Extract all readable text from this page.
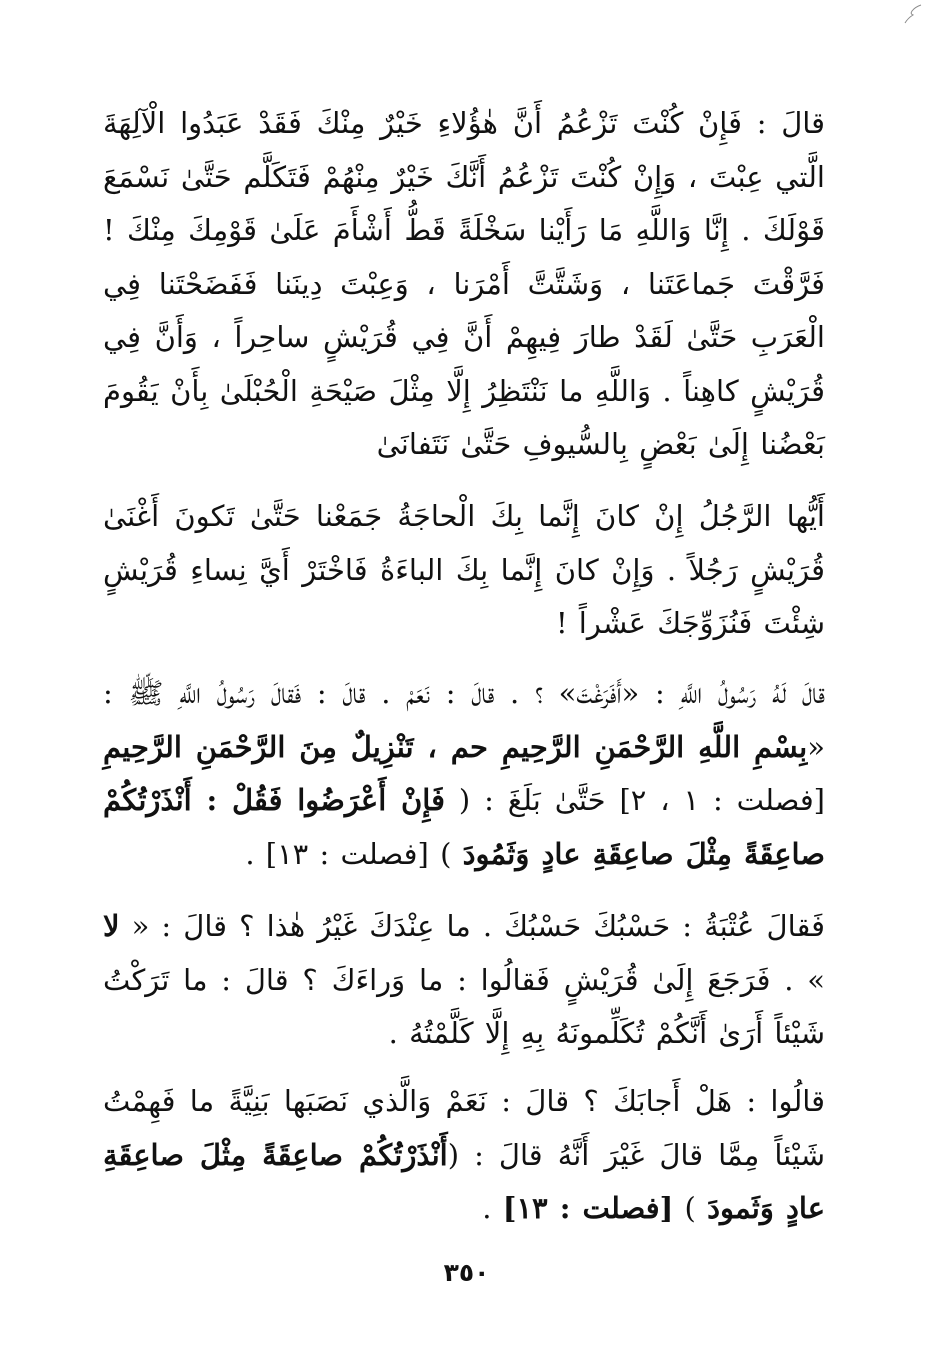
قالَ : فَإِنْ كُنْتَ تَزْعُمُ أَنَّ هٰؤُلاءِ خَيْرٌ مِنْكَ فَقَدْ عَبَدُوا الْآلِهَةَ الَّتي عِبْتَ ، وَإِنْ كُنْتَ تَزْعُمُ أَنَّكَ خَيْرٌ مِنْهُمْ فَتَكَلَّم حَتَّىٰ نَسْمَعَ قَوْلَكَ . إِنَّا وَاللَّهِ مَا رَأَيْنا سَخْلَةً قَطُّ أَشْأَمَ عَلَىٰ قَوْمِكَ مِنْكَ ! فَرَّقْتَ جَماعَتَنا ، وَشَتَّتَّ أَمْرَنا ، وَعِبْتَ دِينَنا فَفَضَحْتَنا فِي الْعَرَبِ حَتَّىٰ لَقَدْ طارَ فِيهِمْ أَنَّ فِي قُرَيْشٍ ساحِراً ، وَأَنَّ فِي قُرَيْشٍ كاهِناً . وَاللَّهِ ما نَنْتَظِرُ إِلَّا مِثْلَ صَيْحَةِ الْحُبْلَىٰ بِأَنْ يَقُومَ بَعْضُنا إِلَىٰ بَعْضٍ بِالسُّيوفِ حَتَّىٰ نَتَفانَىٰ
أَيُّها الرَّجُلُ إِنْ كانَ إِنَّما بِكَ الْحاجَةُ جَمَعْنا حَتَّىٰ تَكونَ أَغْنَىٰ قُرَيْشٍ رَجُلاً . وَإِنْ كانَ إِنَّما بِكَ الباءَةُ فَاخْتَرْ أَيَّ نِساءِ قُرَيْشٍ شِئْتَ فَنُزَوِّجَكَ عَشْراً !
قالَ لَهُ رَسُولُ اللَّهِ : «أَفَرَغْتَ» ؟ . قالَ : نَعَمْ . قالَ : فَقالَ رَسُولُ اللَّهِ ﷺ : «بِسْمِ اللَّهِ الرَّحْمَنِ الرَّحِيمِ حم ، تَنْزِيلٌ مِنَ الرَّحْمَنِ الرَّحِيمِ [فصلت : ١ ، ٢] حَتَّىٰ بَلَغَ : ( فَإِنْ أَعْرَضُوا فَقُلْ : أَنْذَرْتُكُمْ صاعِقَةً مِثْلَ صاعِقَةِ عادٍ وَثَمُودَ ) [فصلت : ١٣] .
فَقالَ عُتْبَةُ : حَسْبُكَ حَسْبُكَ . ما عِنْدَكَ غَيْرُ هٰذا ؟ قالَ : « لا » . فَرَجَعَ إِلَىٰ قُرَيْشٍ فَقالُوا : ما وَراءَكَ ؟ قالَ : ما تَرَكْتُ شَيْئاً أَرَىٰ أَنَّكُمْ تُكَلِّمونَهُ بِهِ إِلَّا كَلَّمْتُهُ .
قالُوا : هَلْ أَجابَكَ ؟ قالَ : نَعَمْ وَالَّذي نَصَبَها بَنِيَّةً ما فَهِمْتُ شَيْئاً مِمَّا قالَ غَيْرَ أَنَّهُ قالَ : (أَنْذَرْتُكُمْ صاعِقَةً مِثْلَ صاعِقَةِ عادٍ وَثَمودَ ) [فصلت : ١٣] .
٣٥٠
